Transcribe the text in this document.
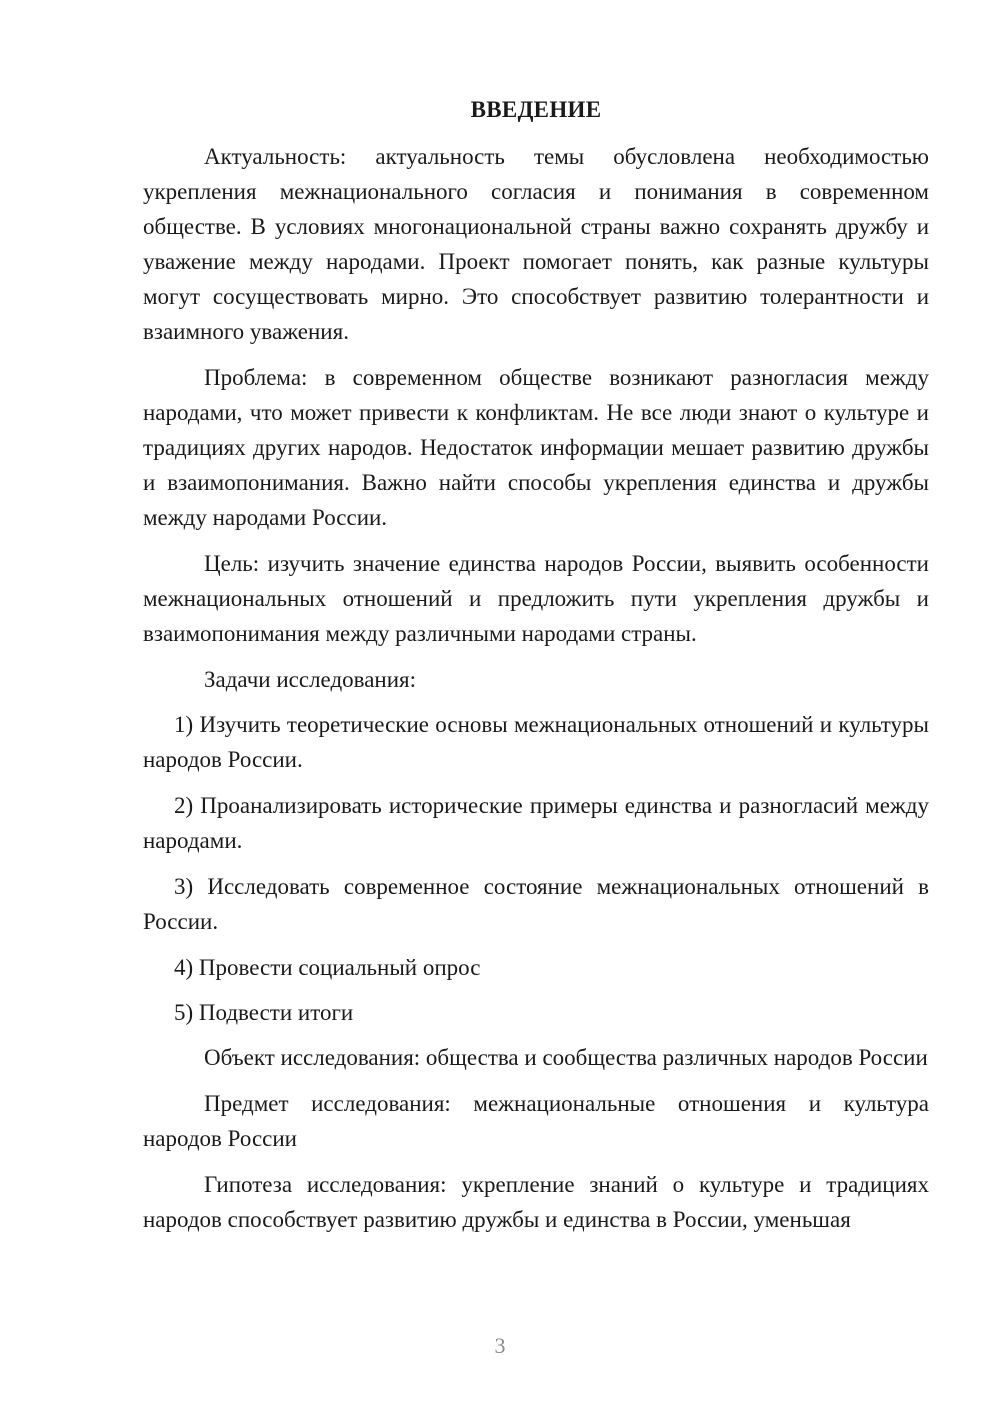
ВВЕДЕНИЕ
Актуальность: актуальность темы обусловлена необходимостью укрепления межнационального согласия и понимания в современном обществе. В условиях многонациональной страны важно сохранять дружбу и уважение между народами. Проект помогает понять, как разные культуры могут сосуществовать мирно. Это способствует развитию толерантности и взаимного уважения.
Проблема: в современном обществе возникают разногласия между народами, что может привести к конфликтам. Не все люди знают о культуре и традициях других народов. Недостаток информации мешает развитию дружбы и взаимопонимания. Важно найти способы укрепления единства и дружбы между народами России.
Цель: изучить значение единства народов России, выявить особенности межнациональных отношений и предложить пути укрепления дружбы и взаимопонимания между различными народами страны.
Задачи исследования:
1) Изучить теоретические основы межнациональных отношений и культуры народов России.
2) Проанализировать исторические примеры единства и разногласий между народами.
3) Исследовать современное состояние межнациональных отношений в России.
4) Провести социальный опрос
5) Подвести итоги
Объект исследования: общества и сообщества различных народов России
Предмет исследования: межнациональные отношения и культура народов России
Гипотеза исследования: укрепление знаний о культуре и традициях народов способствует развитию дружбы и единства в России, уменьшая
3
